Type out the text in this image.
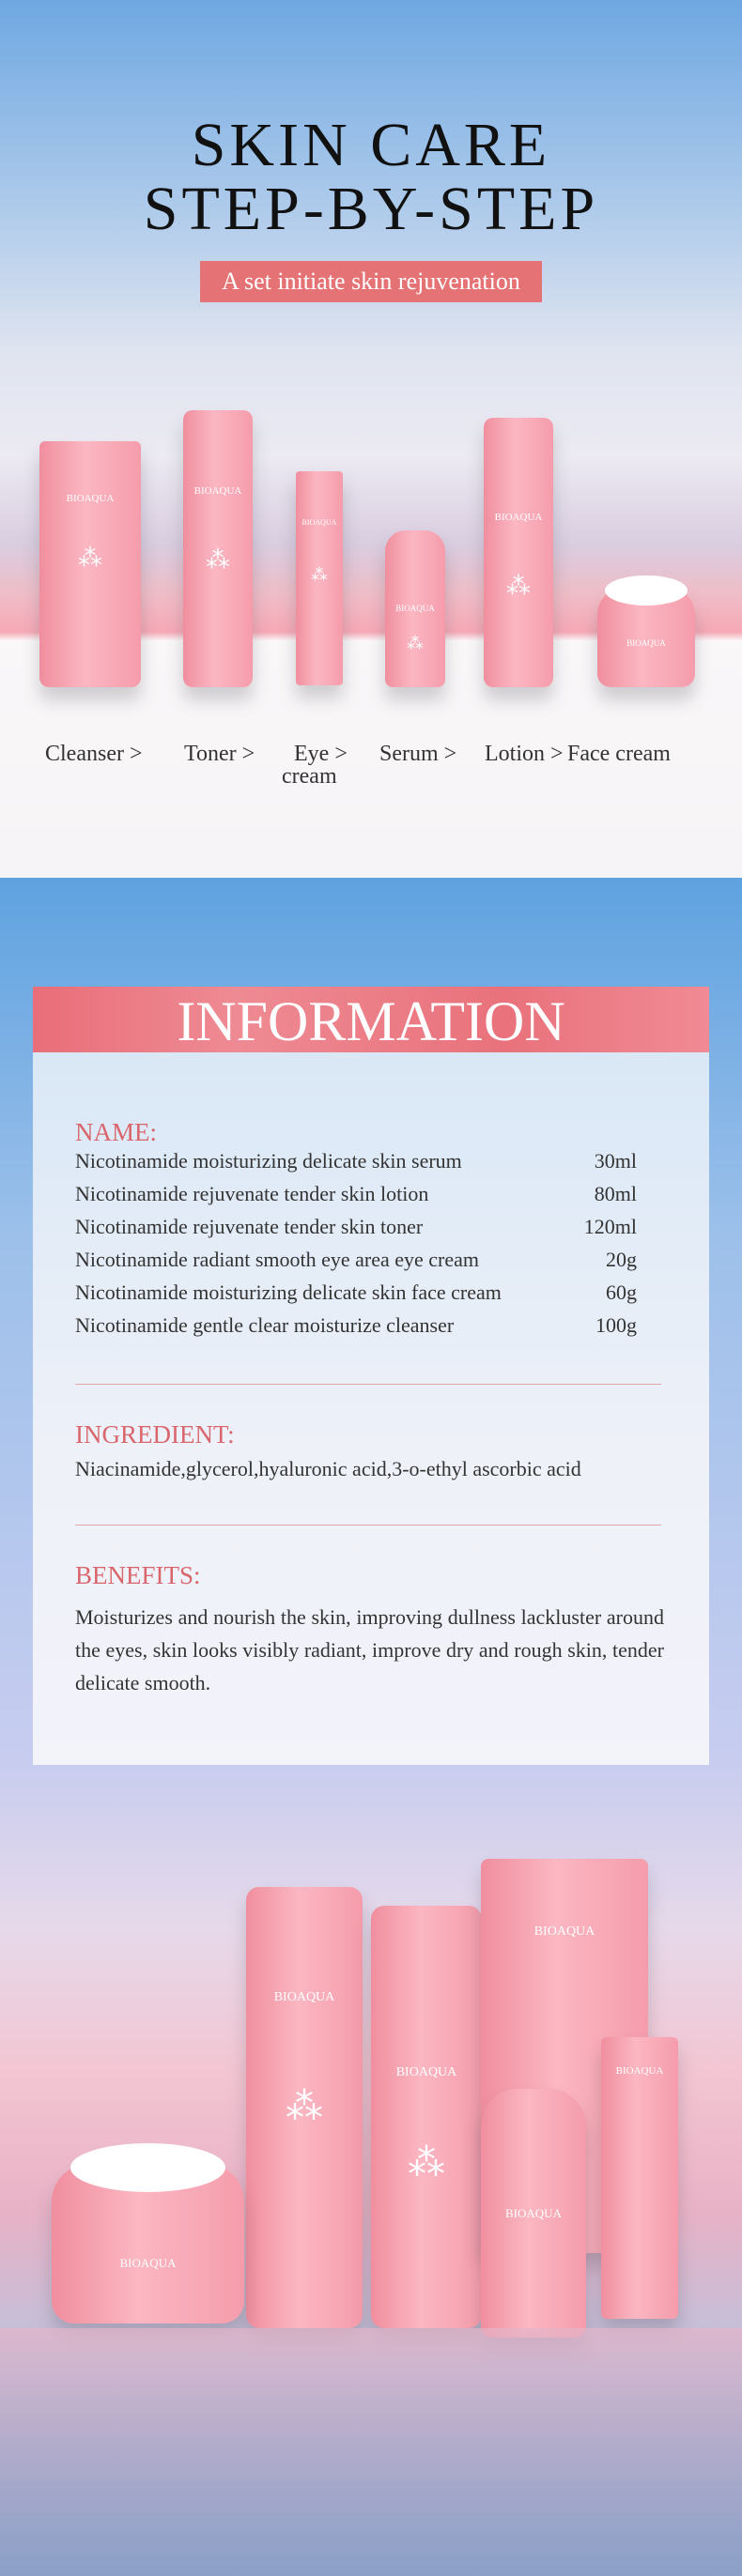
SKIN CARE
STEP-BY-STEP
A set initiate skin rejuvenation
BIOAQUA
⁂
BIOAQUA
⁂
BIOAQUA
⁂
BIOAQUA
⁂
BIOAQUA
⁂
BIOAQUA
Cleanser > Toner > Eye >
cream
Serum > Lotion > Face cream
INFORMATION
NAME:
Nicotinamide moisturizing delicate skin serum	30ml
Nicotinamide rejuvenate tender skin lotion	80ml
Nicotinamide rejuvenate tender skin toner	120ml
Nicotinamide radiant smooth eye area eye cream	20g
Nicotinamide moisturizing delicate skin face cream	60g
Nicotinamide gentle clear moisturize cleanser	100g
INGREDIENT:
Niacinamide,glycerol,hyaluronic acid,3-o-ethyl ascorbic acid
BENEFITS:
Moisturizes and nourish the skin, improving dullness lackluster around the eyes, skin looks visibly radiant, improve dry and rough skin, tender delicate smooth.
BIOAQUA
⁂
BIOAQUA
⁂
BIOAQUA
BIOAQUA
BIOAQUA
BIOAQUA
